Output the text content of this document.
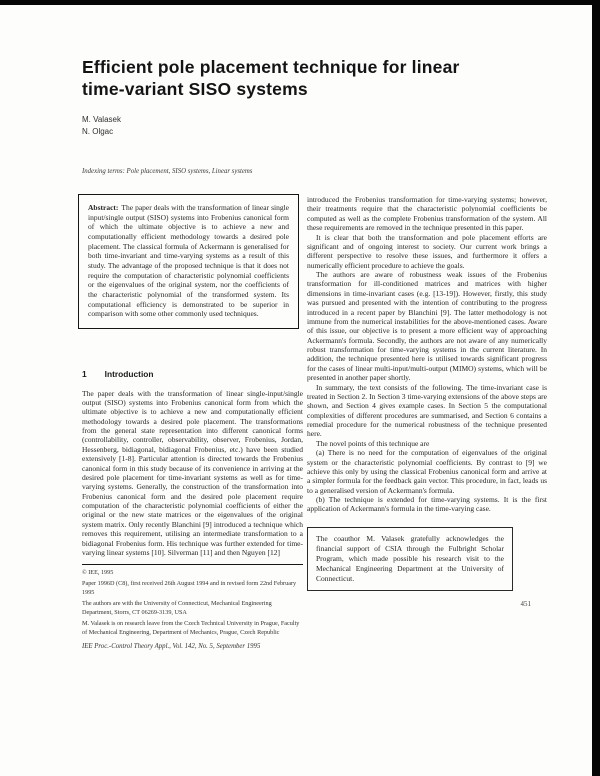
Efficient pole placement technique for linear
time-variant SISO systems
M. Valasek
N. Olgac
Indexing terms: Pole placement, SISO systems, Linear systems
Abstract: The paper deals with the transformation of linear single input/single output (SISO) systems into Frobenius canonical form of which the ultimate objective is to achieve a new and computationally efficient methodology towards a desired pole placement. The classical formula of Ackermann is generalised for both time-invariant and time-varying systems as a result of this study. The advantage of the proposed technique is that it does not require the computation of characteristic polynomial coefficients or the eigenvalues of the original system, nor the coefficients of the characteristic polynomial of the transformed system. Its computational efficiency is demonstrated to be superior in comparison with some other commonly used techniques.
1 Introduction

The paper deals with the transformation of linear single-input/single output (SISO) systems into Frobenius canonical form from which the ultimate objective is to achieve a new and computationally efficient methodology towards a desired pole placement. The transformations from the general state representation into different canonical forms (controllability, controller, observability, observer, Frobenius, Jordan, Hessenberg, bidiagonal, bidiagonal Frobenius, etc.) have been studied extensively [1-8]. Particular attention is directed towards the Frobenius canonical form in this study because of its convenience in arriving at the desired pole placement for time-invariant systems as well as for time-varying systems. Generally, the construction of the transformation into Frobenius canonical form and the desired pole placement require computation of the characteristic polynomial coefficients of either the original or the new state matrices or the eigenvalues of the original system matrix. Only recently Blanchini [9] introduced a technique which removes this requirement, utilising an intermediate transformation to a bidiagonal Frobenius form. His technique was further extended for time-varying linear systems [10]. Silverman [11] and then Nguyen [12]

© IEE, 1995

Paper 1996D (C8), first received 26th August 1994 and in revised form 22nd February 1995

The authors are with the University of Connecticut, Mechanical Engineering Department, Storrs, CT 06269-3139, USA

M. Valasek is on research leave from the Czech Technical University in Prague, Faculty of Mechanical Engineering, Department of Mechanics, Prague, Czech Republic

IEE Proc.-Control Theory Appl., Vol. 142, No. 5, September 1995

introduced the Frobenius transformation for time-varying systems; however, their treatments require that the characteristic polynomial coefficients be computed as well as the complete Frobenius transformation of the system. All these requirements are removed in the technique presented in this paper.

It is clear that both the transformation and pole placement efforts are significant and of ongoing interest to society. Our current work brings a different perspective to resolve these issues, and furthermore it offers a numerically efficient procedure to achieve the goals.

The authors are aware of robustness weak issues of the Frobenius transformation for ill-conditioned matrices and matrices with higher dimensions in time-invariant cases (e.g. [13-19]). However, firstly, this study was pursued and presented with the intention of contributing to the progress introduced in a recent paper by Blanchini [9]. The latter methodology is not immune from the numerical instabilities for the above-mentioned cases. Aware of this issue, our objective is to present a more efficient way of approaching Ackermann's formula. Secondly, the authors are not aware of any numerically robust transformation for time-varying systems in the current literature. In addition, the technique presented here is utilised towards significant progress for the cases of linear multi-input/multi-output (MIMO) systems, which will be presented in another paper shortly.

In summary, the text consists of the following. The time-invariant case is treated in Section 2. In Section 3 time-varying extensions of the above steps are shown, and Section 4 gives example cases. In Section 5 the computational complexities of different procedures are summarised, and Section 6 contains a remedial procedure for the numerical robustness of the technique presented here.

The novel points of this technique are

(a) There is no need for the computation of eigenvalues of the original system or the characteristic polynomial coefficients. By contrast to [9] we achieve this only by using the classical Frobenius canonical form and arrive at a simpler formula for the feedback gain vector. This procedure, in fact, leads us to a generalised version of Ackermann's formula.

(b) The technique is extended for time-varying systems. It is the first application of Ackermann's formula in the time-varying case.

The coauthor M. Valasek gratefully acknowledges the financial support of CSIA through the Fulbright Scholar Program, which made possible his research visit to the Mechanical Engineering Department at the University of Connecticut.

451
